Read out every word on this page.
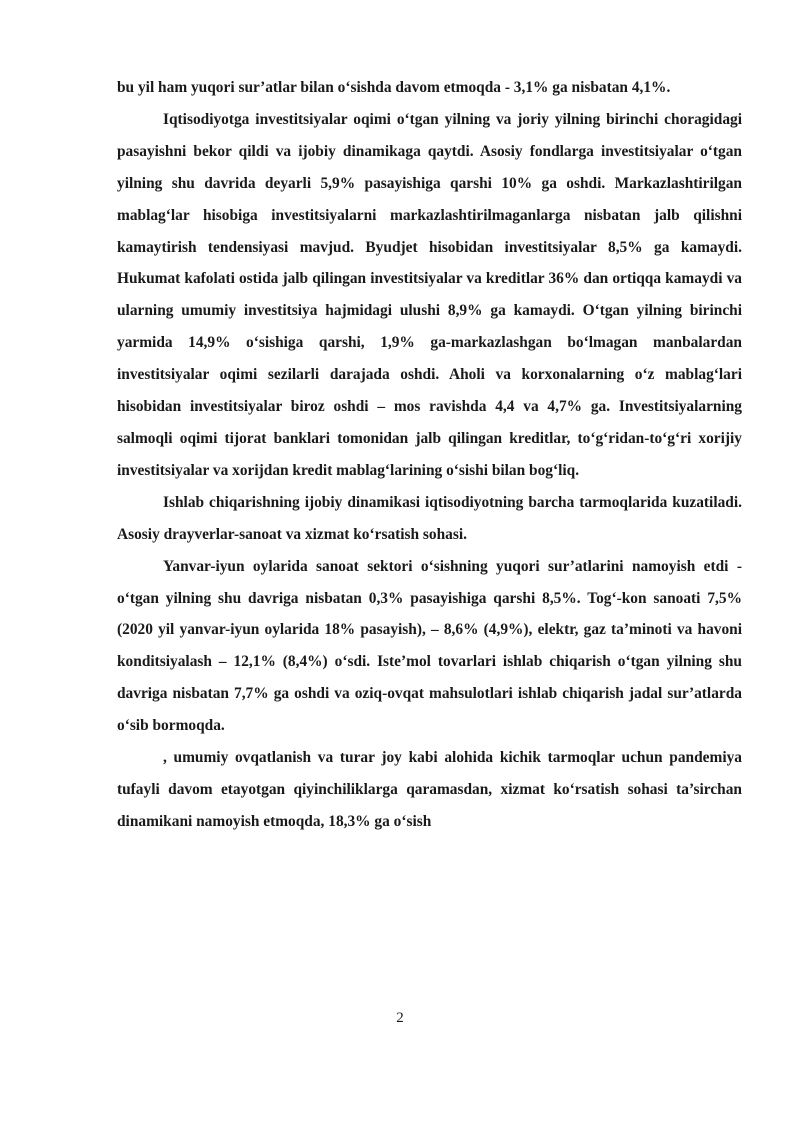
bu yil ham yuqori sur’atlar bilan o‘sishda davom etmoqda - 3,1% ga nisbatan 4,1%.

Iqtisodiyotga investitsiyalar oqimi o‘tgan yilning va joriy yilning birinchi choragidagi pasayishni bekor qildi va ijobiy dinamikaga qaytdi. Asosiy fondlarga investitsiyalar o‘tgan yilning shu davrida deyarli 5,9% pasayishiga qarshi 10% ga oshdi. Markazlashtirilgan mablag‘lar hisobiga investitsiyalarni markazlashtirilmaganlarga nisbatan jalb qilishni kamaytirish tendensiyasi mavjud. Byudjet hisobidan investitsiyalar 8,5% ga kamaydi. Hukumat kafolati ostida jalb qilingan investitsiyalar va kreditlar 36% dan ortiqqa kamaydi va ularning umumiy investitsiya hajmidagi ulushi 8,9% ga kamaydi. O‘tgan yilning birinchi yarmida 14,9% o‘sishiga qarshi, 1,9% ga-markazlashgan bo‘lmagan manbalardan investitsiyalar oqimi sezilarli darajada oshdi. Aholi va korxonalarning o‘z mablag‘lari hisobidan investitsiyalar biroz oshdi – mos ravishda 4,4 va 4,7% ga. Investitsiyalarning salmoqli oqimi tijorat banklari tomonidan jalb qilingan kreditlar, to‘g‘ridan-to‘g‘ri xorijiy investitsiyalar va xorijdan kredit mablag‘larining o‘sishi bilan bog‘liq.

Ishlab chiqarishning ijobiy dinamikasi iqtisodiyotning barcha tarmoqlarida kuzatiladi. Asosiy drayverlar-sanoat va xizmat ko‘rsatish sohasi.

Yanvar-iyun oylarida sanoat sektori o‘sishning yuqori sur’atlarini namoyish etdi - o‘tgan yilning shu davriga nisbatan 0,3% pasayishiga qarshi 8,5%. Tog‘-kon sanoati 7,5% (2020 yil yanvar-iyun oylarida 18% pasayish), – 8,6% (4,9%), elektr, gaz ta’minoti va havoni konditsiyalash – 12,1% (8,4%) o‘sdi. Iste’mol tovarlari ishlab chiqarish o‘tgan yilning shu davriga nisbatan 7,7% ga oshdi va oziq-ovqat mahsulotlari ishlab chiqarish jadal sur’atlarda o‘sib bormoqda.

, umumiy ovqatlanish va turar joy kabi alohida kichik tarmoqlar uchun pandemiya tufayli davom etayotgan qiyinchiliklarga qaramasdan, xizmat ko‘rsatish sohasi ta’sirchan dinamikani namoyish etmoqda, 18,3% ga o‘sish

2
